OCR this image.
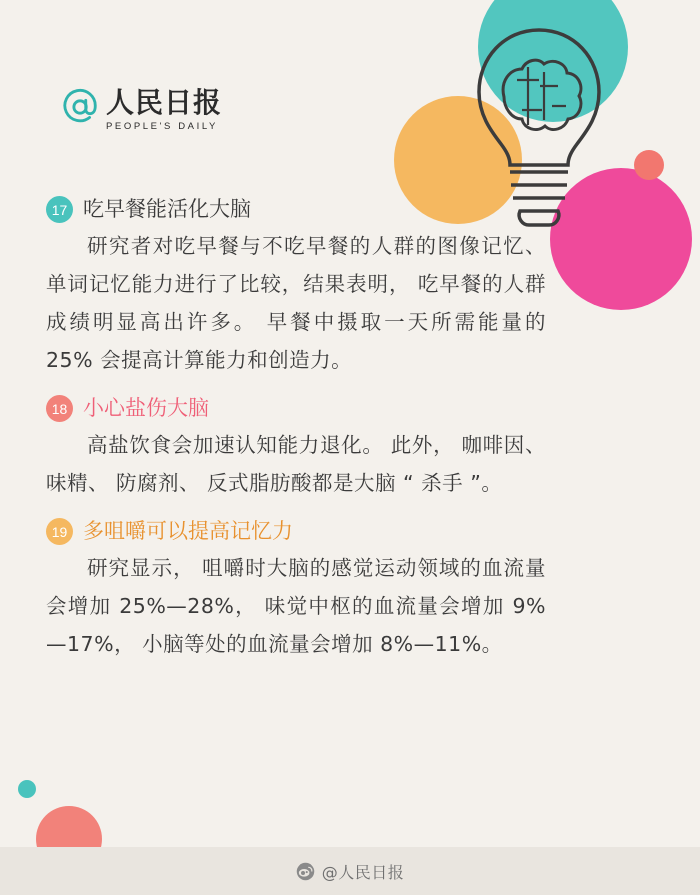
人民日报
PEOPLE'S DAILY
17 吃早餐能活化大脑

研究者对吃早餐与不吃早餐的人群的图像记忆、 单词记忆能力进行了比较，结果表明， 吃早餐的人群成绩明显高出许多。 早餐中摄取一天所需能量的 25% 会提高计算能力和创造力。

18 小心盐伤大脑

高盐饮食会加速认知能力退化。 此外， 咖啡因、 味精、 防腐剂、 反式脂肪酸都是大脑 “ 杀手 ”。

19 多咀嚼可以提高记忆力

研究显示， 咀嚼时大脑的感觉运动领域的血流量会增加 25%—28%， 味觉中枢的血流量会增加 9%—17%， 小脑等处的血流量会增加 8%—11%。

@人民日报
